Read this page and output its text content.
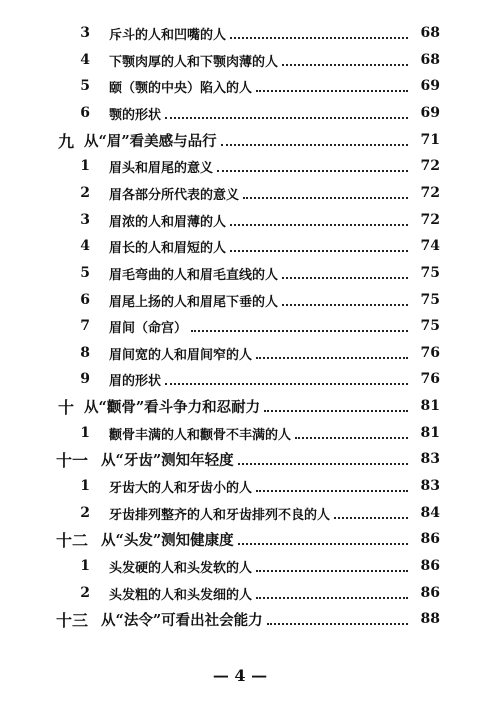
3 斥斗的人和凹嘴的人	68
4 下颚肉厚的人和下颚肉薄的人	68
5 颐（颚的中央）陷入的人	69
6 颚的形状	69
九 从“眉”看美感与品行	71
1 眉头和眉尾的意义	72
2 眉各部分所代表的意义	72
3 眉浓的人和眉薄的人	72
4 眉长的人和眉短的人	74
5 眉毛弯曲的人和眉毛直线的人	75
6 眉尾上扬的人和眉尾下垂的人	75
7 眉间（命宫）	75
8 眉间宽的人和眉间窄的人	76
9 眉的形状	76
十 从“颧骨”看斗争力和忍耐力	81
1 颧骨丰满的人和颧骨不丰满的人	81
十一 从“牙齿”测知年轻度	83
1 牙齿大的人和牙齿小的人	83
2 牙齿排列整齐的人和牙齿排列不良的人	84
十二 从“头发”测知健康度	86
1 头发硬的人和头发软的人	86
2 头发粗的人和头发细的人	86
十三 从“法令”可看出社会能力	88
— 4 —
